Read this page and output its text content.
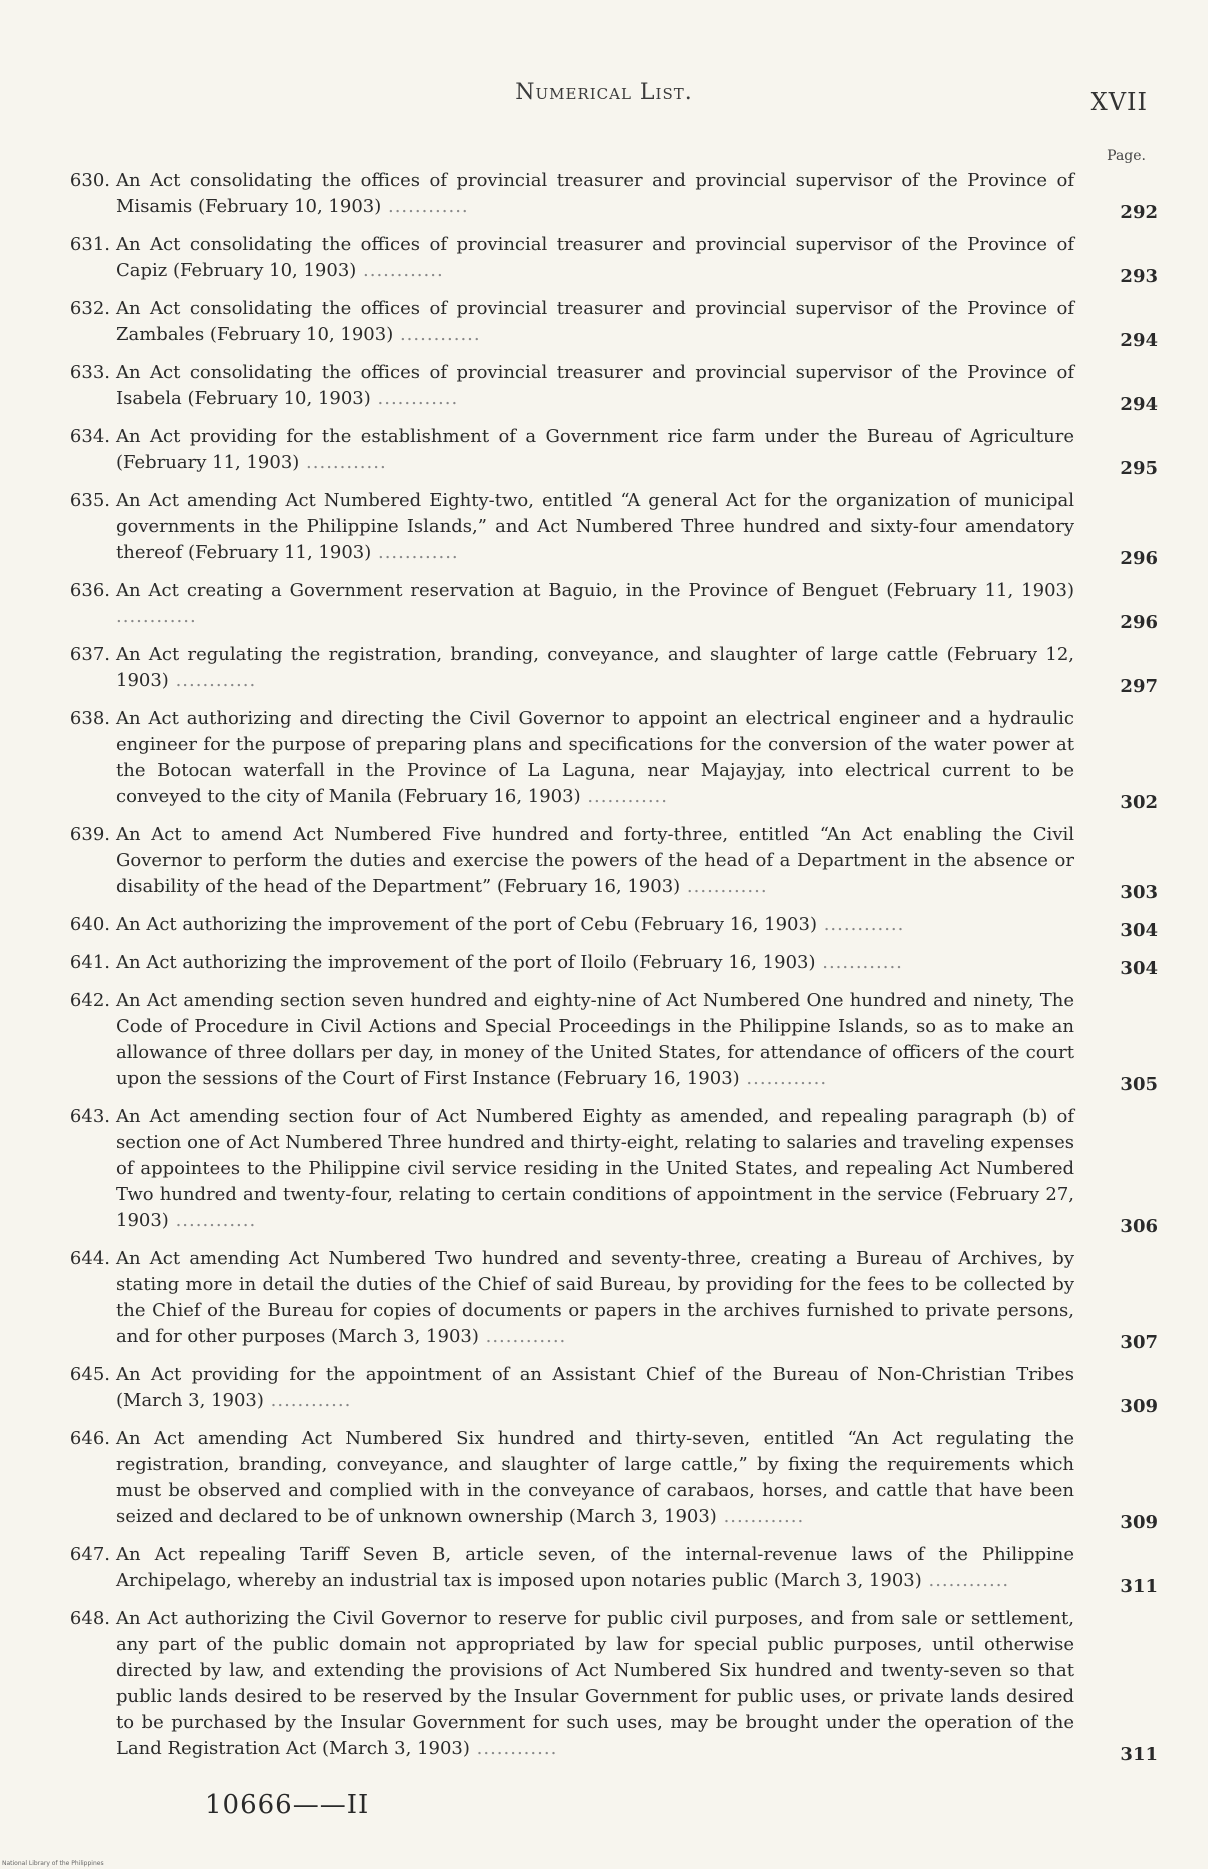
Numerical List.	XVII
Page.
630. An Act consolidating the offices of provincial treasurer and provincial supervisor of the Province of Misamis (February 10, 1903) ............	292
631. An Act consolidating the offices of provincial treasurer and provincial supervisor of the Province of Capiz (February 10, 1903) ............	293
632. An Act consolidating the offices of provincial treasurer and provincial supervisor of the Province of Zambales (February 10, 1903) ............	294
633. An Act consolidating the offices of provincial treasurer and provincial supervisor of the Province of Isabela (February 10, 1903) ............	294
634. An Act providing for the establishment of a Government rice farm under the Bureau of Agriculture (February 11, 1903) ............	295
635. An Act amending Act Numbered Eighty-two, entitled “A general Act for the organization of municipal governments in the Philippine Islands,” and Act Numbered Three hundred and sixty-four amendatory thereof (February 11, 1903) ............	296
636. An Act creating a Government reservation at Baguio, in the Province of Benguet (February 11, 1903) ............	296
637. An Act regulating the registration, branding, conveyance, and slaughter of large cattle (February 12, 1903) ............	297
638. An Act authorizing and directing the Civil Governor to appoint an electrical engineer and a hydraulic engineer for the purpose of preparing plans and specifications for the conversion of the water power at the Botocan waterfall in the Province of La Laguna, near Majayjay, into electrical current to be conveyed to the city of Manila (February 16, 1903) ............	302
639. An Act to amend Act Numbered Five hundred and forty-three, entitled “An Act enabling the Civil Governor to perform the duties and exercise the powers of the head of a Department in the absence or disability of the head of the Department” (February 16, 1903) ............	303
640. An Act authorizing the improvement of the port of Cebu (February 16, 1903) ............	304
641. An Act authorizing the improvement of the port of Iloilo (February 16, 1903) ............	304
642. An Act amending section seven hundred and eighty-nine of Act Numbered One hundred and ninety, The Code of Procedure in Civil Actions and Special Proceedings in the Philippine Islands, so as to make an allowance of three dollars per day, in money of the United States, for attendance of officers of the court upon the sessions of the Court of First Instance (February 16, 1903) ............	305
643. An Act amending section four of Act Numbered Eighty as amended, and repealing paragraph (b) of section one of Act Numbered Three hundred and thirty-eight, relating to salaries and traveling expenses of appointees to the Philippine civil service residing in the United States, and repealing Act Numbered Two hundred and twenty-four, relating to certain conditions of appointment in the service (February 27, 1903) ............	306
644. An Act amending Act Numbered Two hundred and seventy-three, creating a Bureau of Archives, by stating more in detail the duties of the Chief of said Bureau, by providing for the fees to be collected by the Chief of the Bureau for copies of documents or papers in the archives furnished to private persons, and for other purposes (March 3, 1903) ............	307
645. An Act providing for the appointment of an Assistant Chief of the Bureau of Non-Christian Tribes (March 3, 1903) ............	309
646. An Act amending Act Numbered Six hundred and thirty-seven, entitled “An Act regulating the registration, branding, conveyance, and slaughter of large cattle,” by fixing the requirements which must be observed and complied with in the conveyance of carabaos, horses, and cattle that have been seized and declared to be of unknown ownership (March 3, 1903) ............	309
647. An Act repealing Tariff Seven B, article seven, of the internal-revenue laws of the Philippine Archipelago, whereby an industrial tax is imposed upon notaries public (March 3, 1903) ............	311
648. An Act authorizing the Civil Governor to reserve for public civil purposes, and from sale or settlement, any part of the public domain not appropriated by law for special public purposes, until otherwise directed by law, and extending the provisions of Act Numbered Six hundred and twenty-seven so that public lands desired to be reserved by the Insular Government for public uses, or private lands desired to be purchased by the Insular Government for such uses, may be brought under the operation of the Land Registration Act (March 3, 1903) ............	311
10666——II
National Library of the Philippines
